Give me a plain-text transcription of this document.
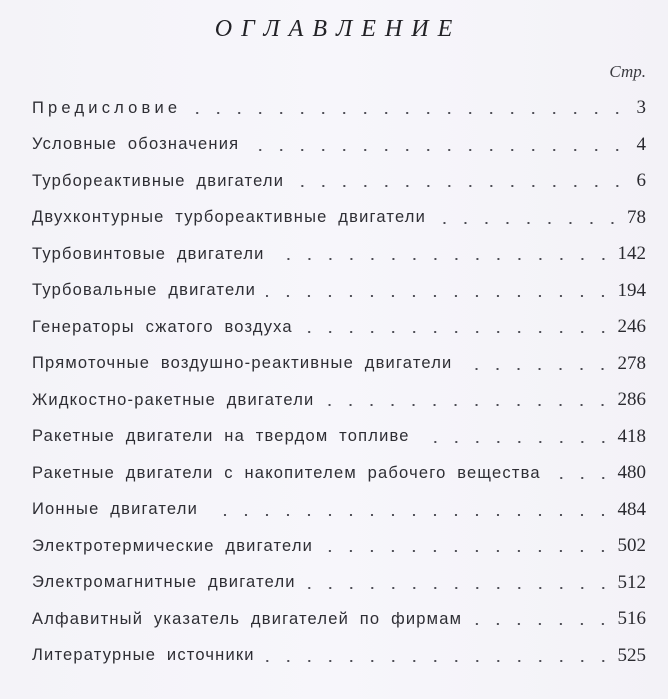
ОГЛАВЛЕНИЕ
Стр.
Предисловие	3
Условные обозначения	4
Турбореактивные двигатели	6
Двухконтурные турбореактивные двигатели	78
Турбовинтовые двигатели	142
Турбовальные двигатели	194
Генераторы сжатого воздуха	246
Прямоточные воздушно-реактивные двигатели	278
Жидкостно-ракетные двигатели	286
Ракетные двигатели на твердом топливе	418
Ракетные двигатели с накопителем рабочего вещества	480
Ионные двигатели	484
Электротермические двигатели	502
Электромагнитные двигатели	512
Алфавитный указатель двигателей по фирмам	516
Литературные источники	525
